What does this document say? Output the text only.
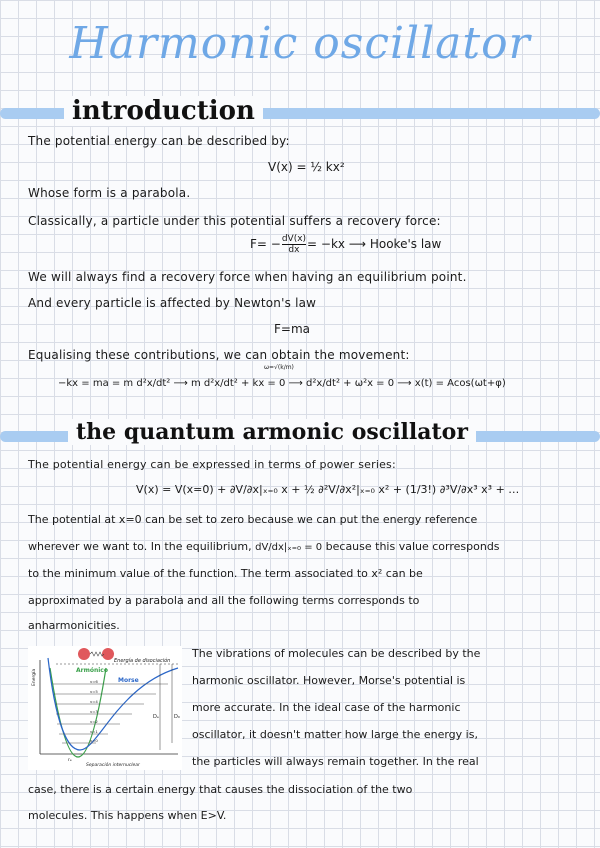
Harmonic oscillator
introduction
The potential energy can be described by:
V(x) = ½ kx²
Whose form is a parabola.
Classically, a particle under this potential suffers a recovery force:
$F= - \frac{dV(x)}{dx} = -kx$ ⟶ Hooke's law
We will always find a recovery force when having an equilibrium point.
And every particle is affected by Newton's law
F=ma
Equalising these contributions, we can obtain the movement:
ω=√(k/m)
−kx = ma = m d²x/dt² ⟶ m d²x/dt² + kx = 0 ⟶ d²x/dt² + ω²x = 0 ⟶ x(t) = Acos(ωt+φ)
the quantum armonic oscillator
The potential energy can be expressed in terms of power series:
V(x) = V(x=0) + ∂V/∂x|ₓ₌₀ x + ½ ∂²V/∂x²|ₓ₌₀ x² + (1/3!) ∂³V/∂x³ x³ + …
The potential at x=0 can be set to zero because we can put the energy reference
wherever we want to. In the equilibrium, dV/dx|ₓ₌₀ = 0 because this value corresponds
to the minimum value of the function. The term associated to x² can be
approximated by a parabola and all the following terms corresponds to
anharmonicities.
Energía de disociación
Armónico
Morse
Energía
Separación internuclear
Dₑ	D₀
rₑ
v=6
v=5
v=4
v=3
v=2
v=1
v=0
The vibrations of molecules can be described by the
harmonic oscillator. However, Morse's potential is
more accurate. In the ideal case of the harmonic
oscillator, it doesn't matter how large the energy is,
the particles will always remain together. In the real
case, there is a certain energy that causes the dissociation of the two
molecules. This happens when E>V.
